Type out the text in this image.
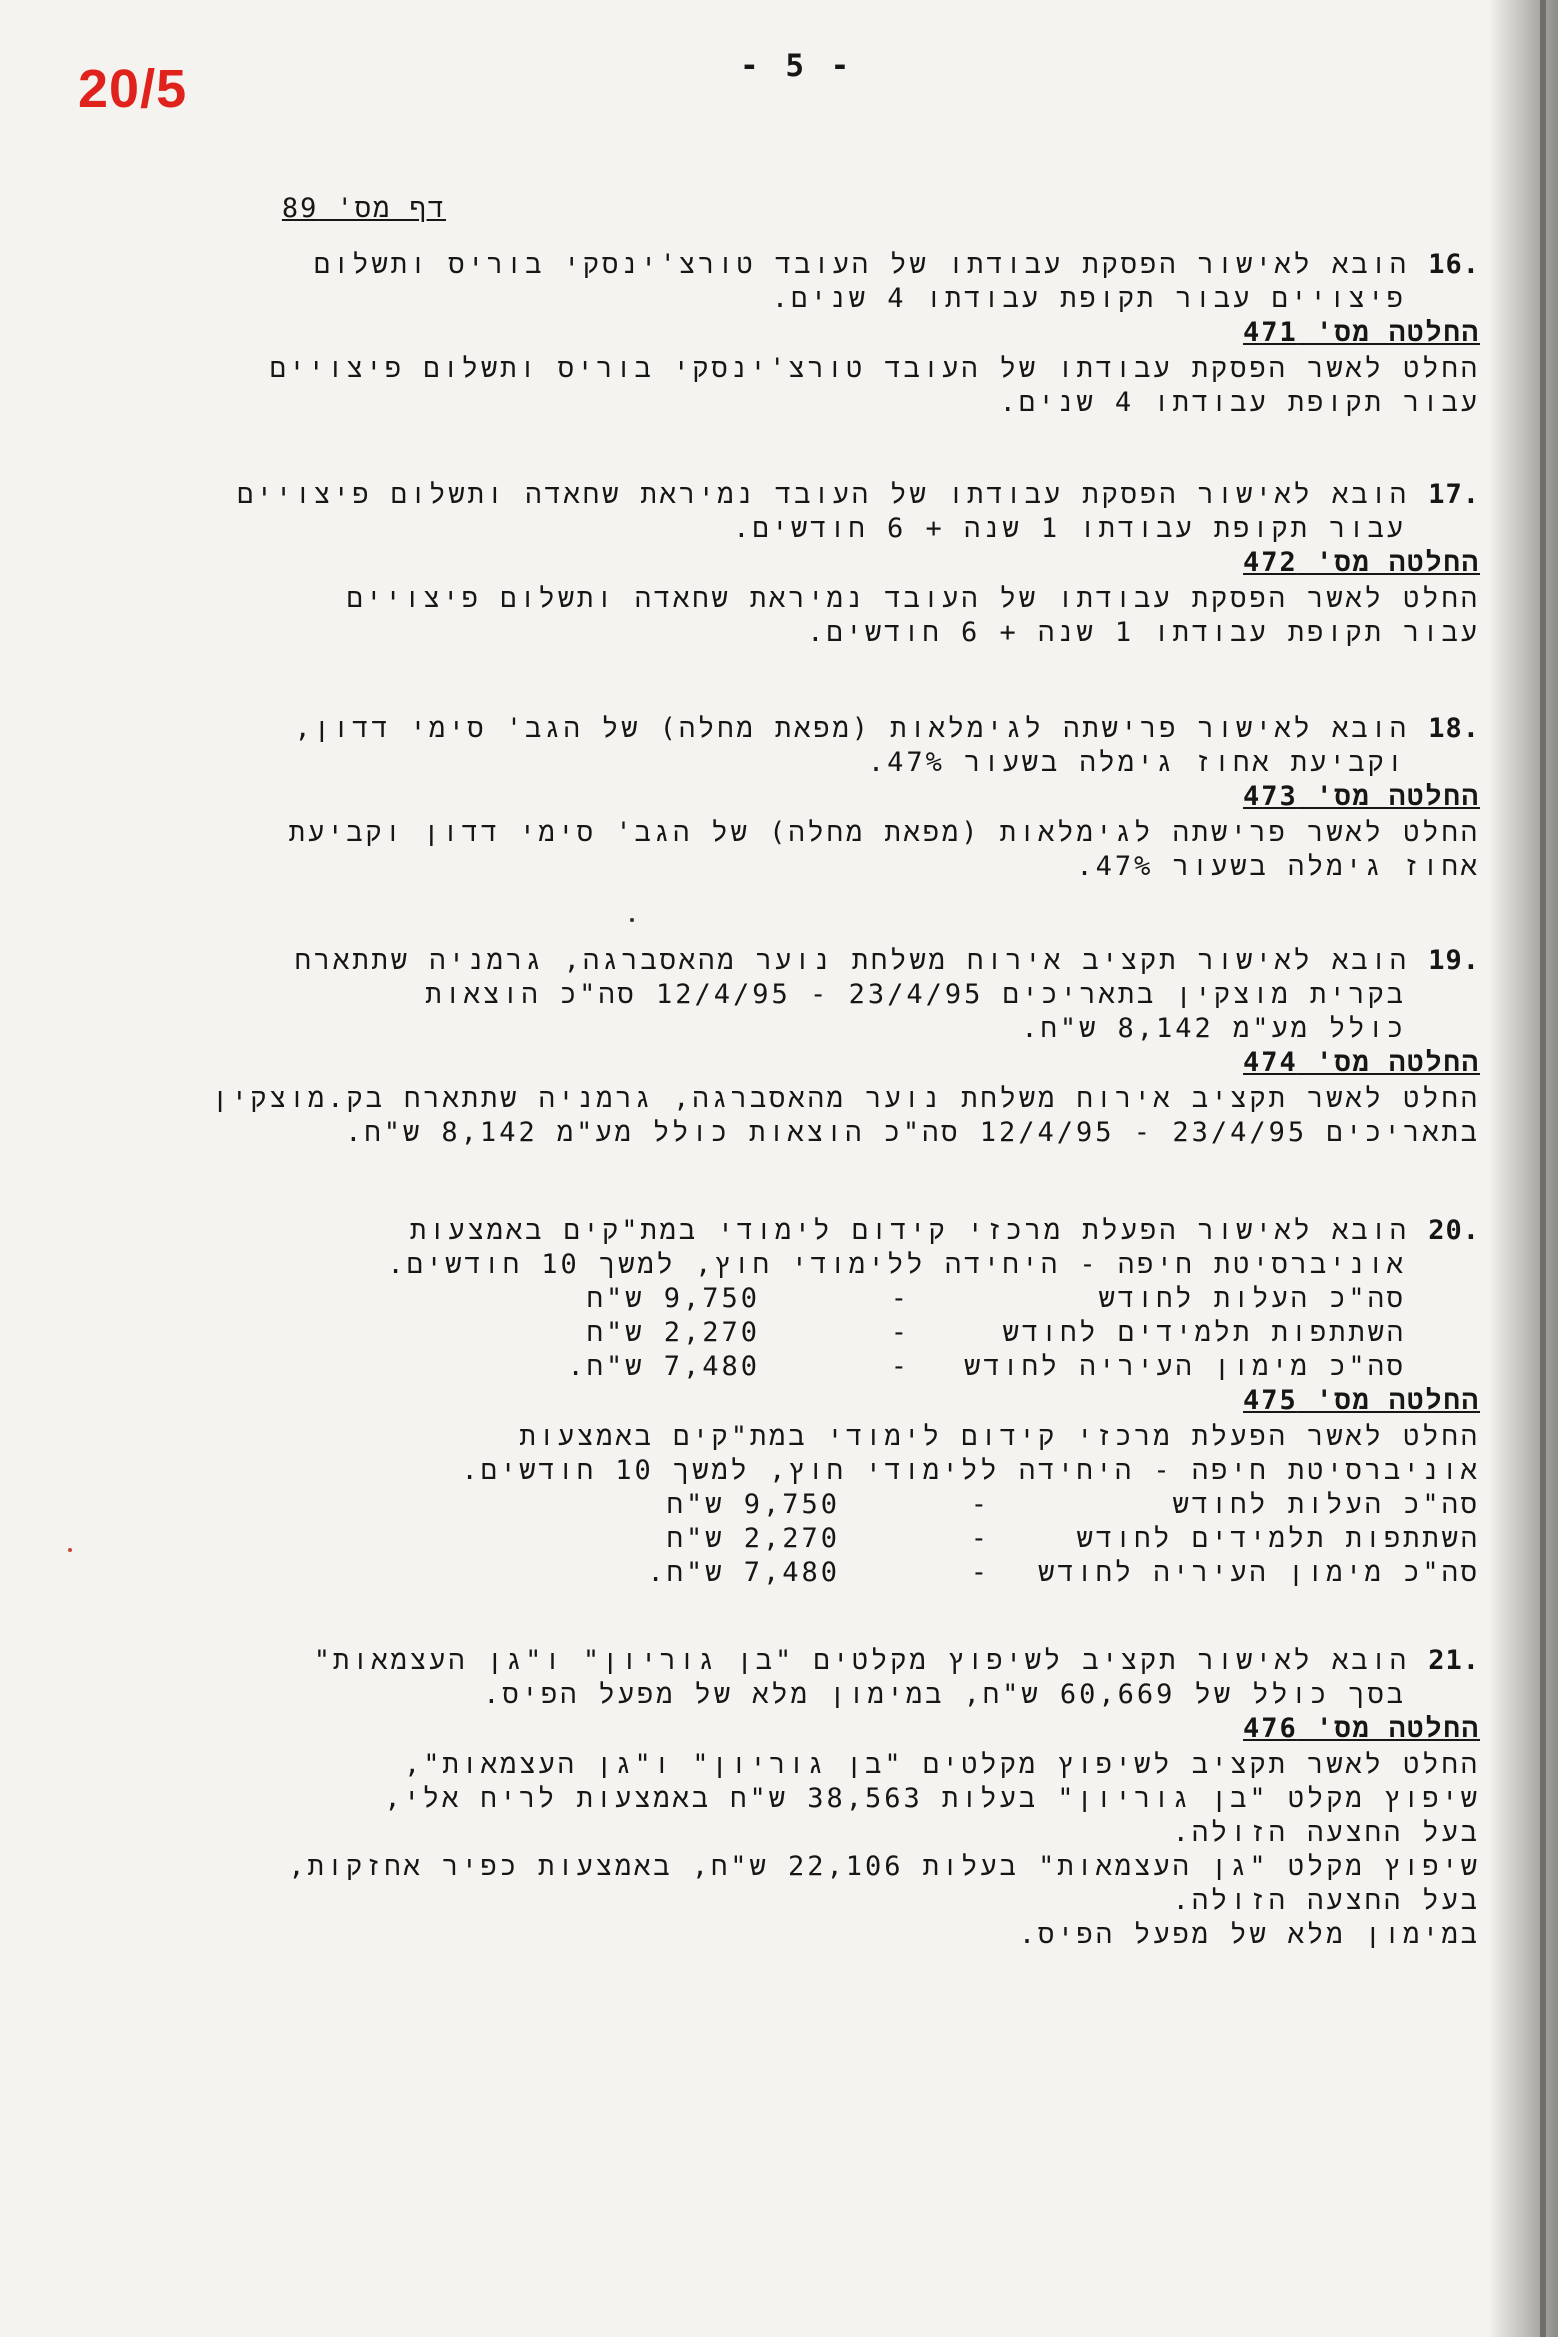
20/5	- 5 -
דף מס' 89
.16 הובא לאישור הפסקת עבודתו של העובד טורצ'ינסקי בוריס ותשלום
פיצויים עבור תקופת עבודתו 4 שנים.
החלטה מס' 471
החלט לאשר הפסקת עבודתו של העובד טורצ'ינסקי בוריס ותשלום פיצויים
עבור תקופת עבודתו 4 שנים.
.17 הובא לאישור הפסקת עבודתו של העובד נמיראת שחאדה ותשלום פיצויים
עבור תקופת עבודתו 1 שנה + 6 חודשים.
החלטה מס' 472
החלט לאשר הפסקת עבודתו של העובד נמיראת שחאדה ותשלום פיצויים
עבור תקופת עבודתו 1 שנה + 6 חודשים.
.18 הובא לאישור פרישתה לגימלאות (מפאת מחלה) של הגב' סימי דדון,
וקביעת אחוז גימלה בשעור 47%.
החלטה מס' 473
החלט לאשר פרישתה לגימלאות (מפאת מחלה) של הגב' סימי דדון וקביעת
אחוז גימלה בשעור 47%.
.19 הובא לאישור תקציב אירוח משלחת נוער מהאסברגה, גרמניה שתתארח
בקרית מוצקין בתאריכים 23/4/95 - 12/4/95 סה"כ הוצאות
כולל מע"מ 8,142 ש"ח.
החלטה מס' 474
החלט לאשר תקציב אירוח משלחת נוער מהאסברגה, גרמניה שתתארח בק.מוצקין
בתאריכים 23/4/95 - 12/4/95 סה"כ הוצאות כולל מע"מ 8,142 ש"ח.
.20 הובא לאישור הפעלת מרכזי קידום לימודי במת"קים באמצעות
אוניברסיטת חיפה - היחידה ללימודי חוץ, למשך 10 חודשים.
סה"כ העלות לחודש
-
9,750 ש"ח
השתתפות תלמידים לחודש
-
2,270 ש"ח
סה"כ מימון העיריה לחודש
-
7,480 ש"ח.
החלטה מס' 475
החלט לאשר הפעלת מרכזי קידום לימודי במת"קים באמצעות
אוניברסיטת חיפה - היחידה ללימודי חוץ, למשך 10 חודשים.
סה"כ העלות לחודש
-
9,750 ש"ח
השתתפות תלמידים לחודש
-
2,270 ש"ח
סה"כ מימון העיריה לחודש
-
7,480 ש"ח.
.21 הובא לאישור תקציב לשיפוץ מקלטים "בן גוריון" ו"גן העצמאות"
בסך כולל של 60,669 ש"ח, במימון מלא של מפעל הפיס.
החלטה מס' 476
החלט לאשר תקציב לשיפוץ מקלטים "בן גוריון" ו"גן העצמאות",
שיפוץ מקלט "בן גוריון" בעלות 38,563 ש"ח באמצעות לריח אלי,
בעל החצעה הזולה.
שיפוץ מקלט "גן העצמאות" בעלות 22,106 ש"ח, באמצעות כפיר אחזקות,
בעל החצעה הזולה.
במימון מלא של מפעל הפיס.
